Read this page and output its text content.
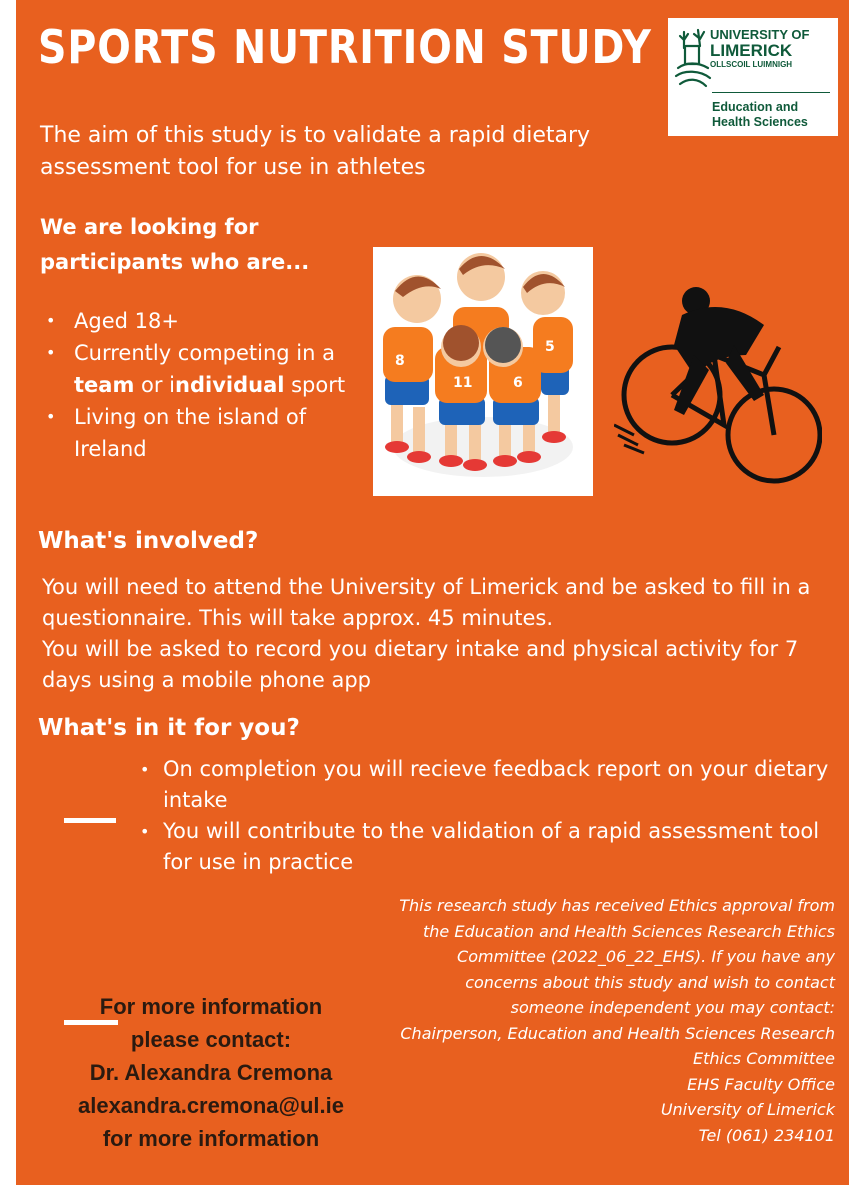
SPORTS NUTRITION STUDY	UNIVERSITY OF
LIMERICK
OLLSCOIL LUIMNIGH
Education and
Health Sciences

The aim of this study is to validate a rapid dietary assessment tool for use in athletes

We are looking for
participants who are...

• Aged 18+
• Currently competing in a team or individual sport
• Living on the island of Ireland
11	6
8
5
What's involved?
You will need to attend the University of Limerick and be asked to fill in a questionnaire. This will take approx. 45 minutes.
You will be asked to record you dietary intake and physical activity for 7 days using a mobile phone app
What's in it for you?
• On completion you will recieve feedback report on your dietary intake
• You will contribute to the validation of a rapid assessment tool for use in practice
This research study has received Ethics approval from
the Education and Health Sciences Research Ethics
Committee (2022_06_22_EHS). If you have any
concerns about this study and wish to contact
someone independent you may contact:
Chairperson, Education and Health Sciences Research
Ethics Committee
EHS Faculty Office
University of Limerick
Tel (061) 234101
For more information
please contact:
Dr. Alexandra Cremona
alexandra.cremona@ul.ie
for more information
